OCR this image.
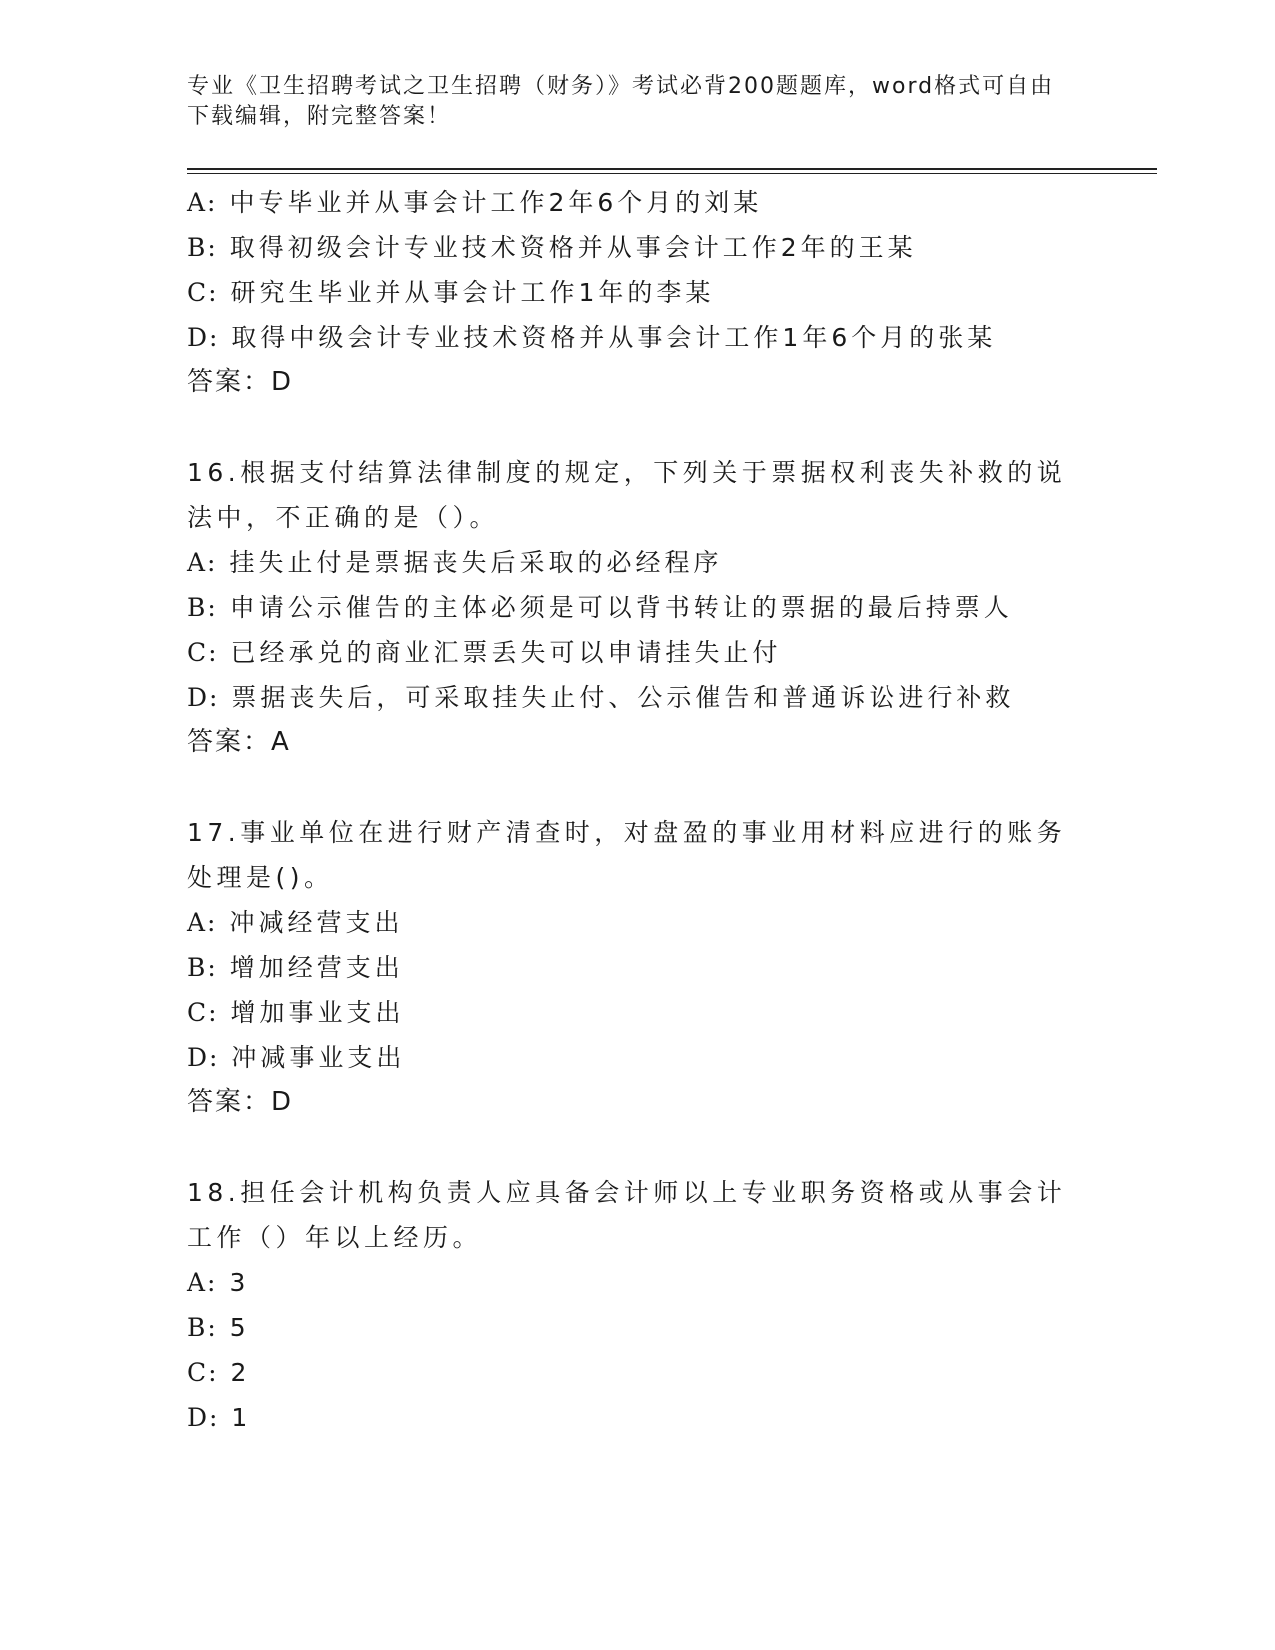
专业《卫生招聘考试之卫生招聘（财务）》考试必背200题题库，word格式可自由下载编辑，附完整答案！

A: 中专毕业并从事会计工作2年6个月的刘某
B: 取得初级会计专业技术资格并从事会计工作2年的王某
C: 研究生毕业并从事会计工作1年的李某
D: 取得中级会计专业技术资格并从事会计工作1年6个月的张某
答案：D
16.根据支付结算法律制度的规定，下列关于票据权利丧失补救的说法中，不正确的是（）。
A: 挂失止付是票据丧失后采取的必经程序
B: 申请公示催告的主体必须是可以背书转让的票据的最后持票人
C: 已经承兑的商业汇票丢失可以申请挂失止付
D: 票据丧失后，可采取挂失止付、公示催告和普通诉讼进行补救
答案：A
17.事业单位在进行财产清查时，对盘盈的事业用材料应进行的账务处理是()。
A: 冲减经营支出
B: 增加经营支出
C: 增加事业支出
D: 冲减事业支出
答案：D
18.担任会计机构负责人应具备会计师以上专业职务资格或从事会计工作（）年以上经历。
A: 3
B: 5
C: 2
D: 1
